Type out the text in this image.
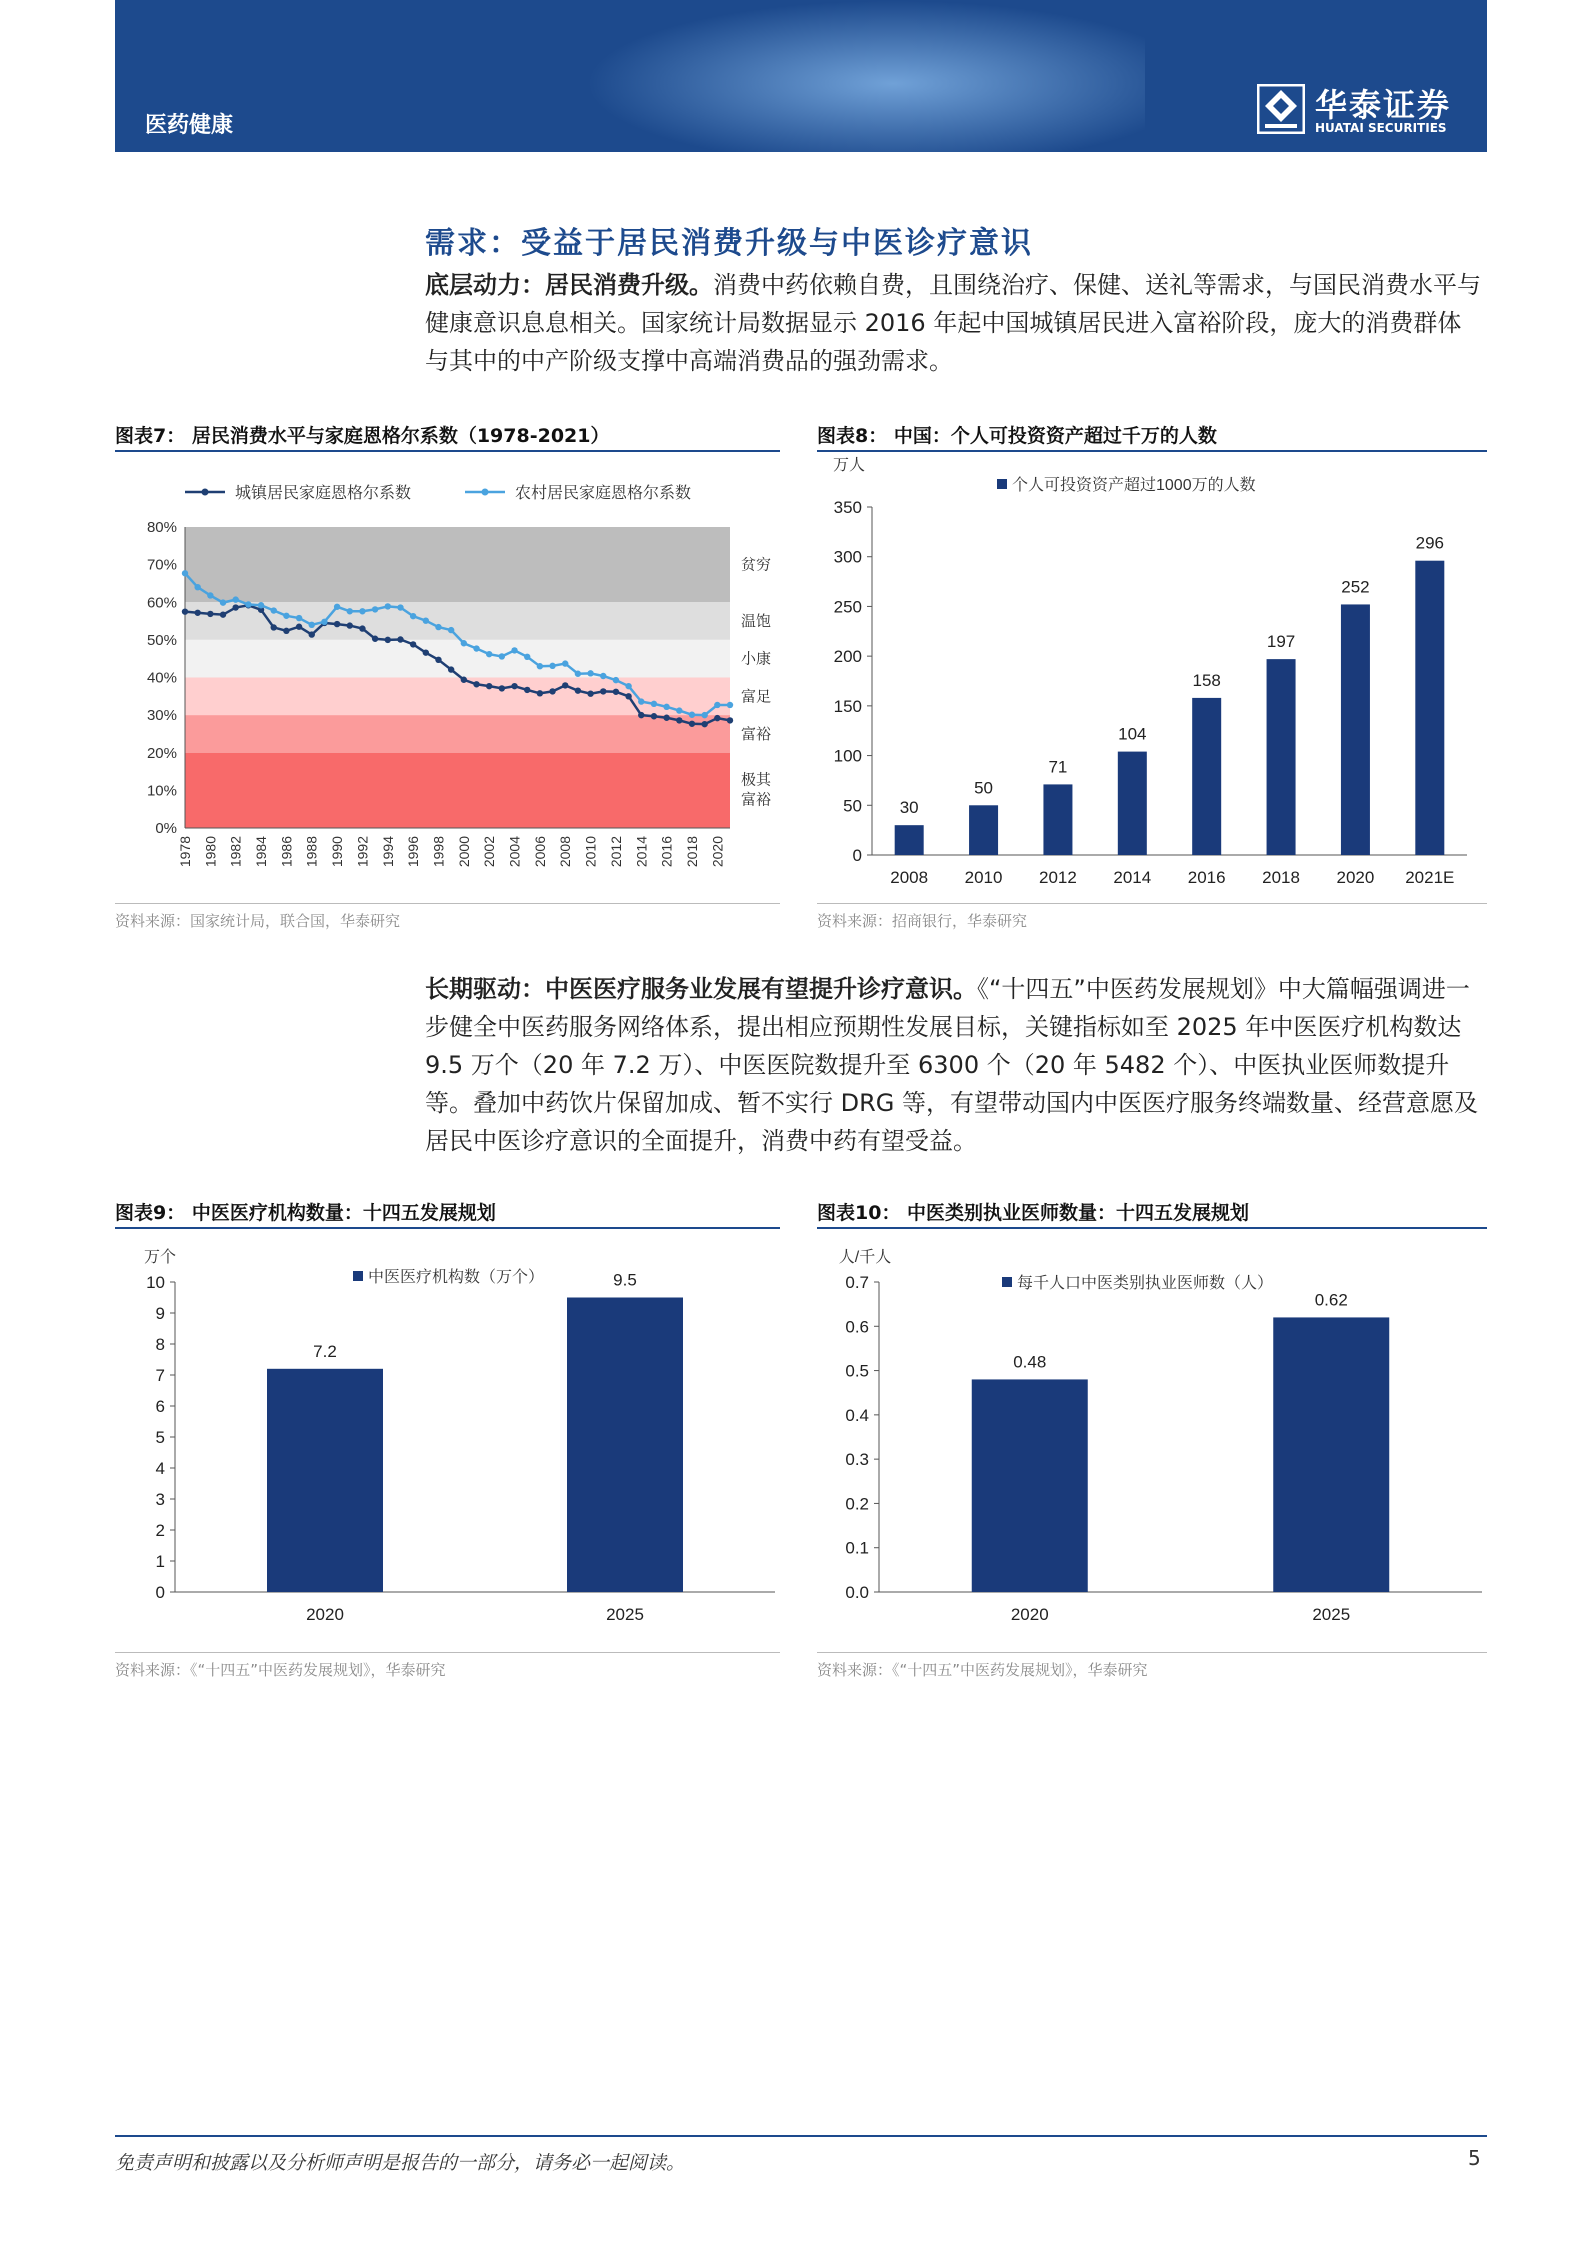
医药健康
华泰证券
HUATAI SECURITIES
需求：受益于居民消费升级与中医诊疗意识
底层动力：居民消费升级。消费中药依赖自费，且围绕治疗、保健、送礼等需求，与国民消费水平与健康意识息息相关。国家统计局数据显示 2016 年起中国城镇居民进入富裕阶段，庞大的消费群体与其中的中产阶级支撑中高端消费品的强劲需求。
图表7： 居民消费水平与家庭恩格尔系数（1978-2021）
贫穷
温饱
小康
富足
富裕
极其
富裕
0%
10%
20%
30%
40%
50%
60%
70%
80%
1978 1980 1982 1984 1986 1988 1990 1992 1994 1996 1998 2000 2002 2004 2006 2008 2010 2012 2014 2016 2018 2020
城镇居民家庭恩格尔系数	农村居民家庭恩格尔系数
资料来源：国家统计局，联合国，华泰研究
图表8： 中国：个人可投资资产超过千万的人数
万人
0
50
100
150
200
250
300
350
30
2008
50
2010
71
2012
104
2014
158
2016
197
2018
252
2020
296
2021E
个人可投资资产超过1000万的人数
资料来源：招商银行，华泰研究
长期驱动：中医医疗服务业发展有望提升诊疗意识。《“十四五”中医药发展规划》中大篇幅强调进一步健全中医药服务网络体系，提出相应预期性发展目标，关键指标如至 2025 年中医医疗机构数达 9.5 万个（20 年 7.2 万）、中医医院数提升至 6300 个（20 年 5482 个）、中医执业医师数提升等。叠加中药饮片保留加成、暂不实行 DRG 等，有望带动国内中医医疗服务终端数量、经营意愿及居民中医诊疗意识的全面提升，消费中药有望受益。
图表9： 中医医疗机构数量：十四五发展规划
万个
0
1
2
3
4
5
6
7
8
9
10
7.2
2020
9.5
2025
中医医疗机构数（万个）
资料来源：《“十四五”中医药发展规划》，华泰研究
图表10： 中医类别执业医师数量：十四五发展规划
人/千人
0.0
0.1
0.2
0.3
0.4
0.5
0.6
0.7
0.48
2020
0.62
2025
每千人口中医类别执业医师数（人）
资料来源：《“十四五”中医药发展规划》，华泰研究
免责声明和披露以及分析师声明是报告的一部分，请务必一起阅读。	5
